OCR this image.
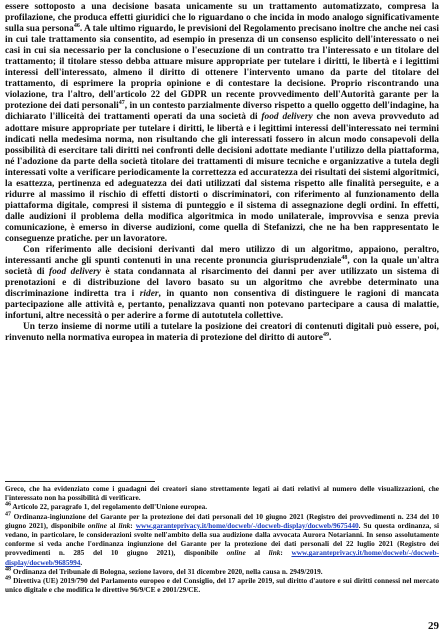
essere sottoposto a una decisione basata unicamente su un trattamento automatizzato, compresa la profilazione, che produca effetti giuridici che lo riguardano o che incida in modo analogo significativamente sulla sua persona$^{46}$. A tale ultimo riguardo, le previsioni del Regolamento precisano inoltre che anche nei casi in cui tale trattamento sia consentito, ad esempio in presenza di un consenso esplicito dell'interessato o nei casi in cui sia necessario per la conclusione o l'esecuzione di un contratto tra l'interessato e un titolare del trattamento; il titolare stesso debba attuare misure appropriate per tutelare i diritti, le libertà e i legittimi interessi dell'interessato, almeno il diritto di ottenere l'intervento umano da parte del titolare del trattamento, di esprimere la propria opinione e di contestare la decisione. Proprio riscontrando una violazione, tra l'altro, dell'articolo 22 del GDPR un recente provvedimento dell'Autorità garante per la protezione dei dati personali$^{47}$, in un contesto parzialmente diverso rispetto a quello oggetto dell'indagine, ha dichiarato l'illiceità dei trattamenti operati da una società di food delivery che non aveva provveduto ad adottare misure appropriate per tutelare i diritti, le libertà e i legittimi interessi dell'interessato nei termini indicati nella medesima norma, non risultando che gli interessati fossero in alcun modo consapevoli della possibilità di esercitare tali diritti nei confronti delle decisioni adottate mediante l'utilizzo della piattaforma, né l'adozione da parte della società titolare dei trattamenti di misure tecniche e organizzative a tutela degli interessati volte a verificare periodicamente la correttezza ed accuratezza dei risultati dei sistemi algoritmici, la esattezza, pertinenza ed adeguatezza dei dati utilizzati dal sistema rispetto alle finalità perseguite, e a ridurre al massimo il rischio di effetti distorti o discriminatori, con riferimento al funzionamento della piattaforma digitale, compresi il sistema di punteggio e il sistema di assegnazione degli ordini. In effetti, dalle audizioni il problema della modifica algoritmica in modo unilaterale, improvvisa e senza previa comunicazione, è emerso in diverse audizioni, come quella di Stefanizzi, che ne ha ben rappresentato le conseguenze pratiche. per un lavoratore.

Con riferimento alle decisioni derivanti dal mero utilizzo di un algoritmo, appaiono, peraltro, interessanti anche gli spunti contenuti in una recente pronuncia giurisprudenziale$^{48}$, con la quale un'altra società di food delivery è stata condannata al risarcimento dei danni per aver utilizzato un sistema di prenotazioni e di distribuzione del lavoro basato su un algoritmo che avrebbe determinato una discriminazione indiretta tra i rider, in quanto non consentiva di distinguere le ragioni di mancata partecipazione alle attività e, pertanto, penalizzava quanti non potevano partecipare a causa di malattie, infortuni, altre necessità o per aderire a forme di autotutela collettive.

Un terzo insieme di norme utili a tutelare la posizione dei creatori di contenuti digitali può essere, poi, rinvenuto nella normativa europea in materia di protezione del diritto di autore$^{49}$.

Greco, che ha evidenziato come i guadagni dei creatori siano strettamente legati ai dati relativi al numero delle visualizzazioni, che l'interessato non ha possibilità di verificare.

$^{46}$ Articolo 22, paragrafo 1, del regolamento dell'Unione europea.

$^{47}$ Ordinanza-ingiunzione del Garante per la protezione dei dati personali del 10 giugno 2021 (Registro dei provvedimenti n. 234 del 10 giugno 2021), disponibile online al link: www.garanteprivacy.it/home/docweb/-/docweb-display/docweb/9675440. Su questa ordinanza, si vedano, in particolare, le considerazioni svolte nell'ambito della sua audizione dalla avvocata Aurora Notarianni. In senso assolutamente conforme si veda anche l'ordinanza ingiunzione del Garante per la protezione dei dati personali del 22 luglio 2021 (Registro dei provvedimenti n. 285 del 10 giugno 2021), disponibile online al link: www.garanteprivacy.it/home/docweb/-/docweb-display/docweb/9685994.

$^{48}$ Ordinanza del Tribunale di Bologna, sezione lavoro, del 31 dicembre 2020, nella causa n. 2949/2019.

$^{49}$ Direttiva (UE) 2019/790 del Parlamento europeo e del Consiglio, del 17 aprile 2019, sul diritto d'autore e sui diritti connessi nel mercato unico digitale e che modifica le direttive 96/9/CE e 2001/29/CE.

29
